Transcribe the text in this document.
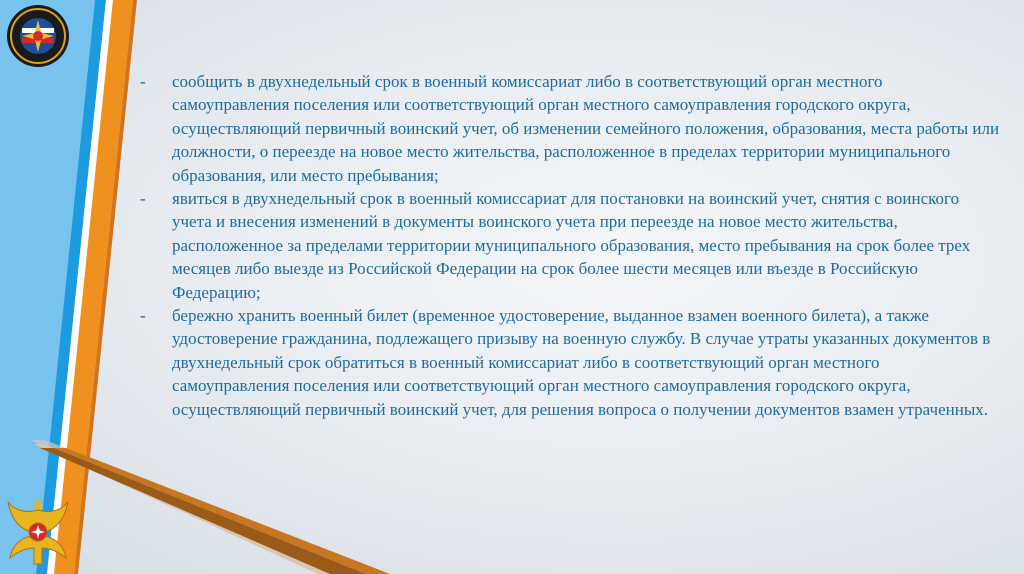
-	сообщить в двухнедельный срок в военный комиссариат либо в соответствующий орган местного самоуправления поселения или соответствующий орган местного самоуправления городского округа, осуществляющий первичный воинский учет, об изменении семейного положения, образования, места работы или должности, о переезде на новое место жительства, расположенное в пределах территории муниципального образования, или место пребывания;

-	явиться в двухнедельный срок в военный комиссариат для постановки на воинский учет, снятия с воинского учета и внесения изменений в документы воинского учета при переезде на новое место жительства, расположенное за пределами территории муниципального образования, место пребывания на срок более трех месяцев либо выезде из Российской Федерации на срок более шести месяцев или въезде в Российскую Федерацию;

-	бережно хранить военный билет (временное удостоверение, выданное взамен военного билета), а также удостоверение гражданина, подлежащего призыву на военную службу. В случае утраты указанных документов в двухнедельный срок обратиться в военный комиссариат либо в соответствующий орган местного самоуправления поселения или соответствующий орган местного самоуправления городского округа, осуществляющий первичный воинский учет, для решения вопроса о получении документов взамен утраченных.
